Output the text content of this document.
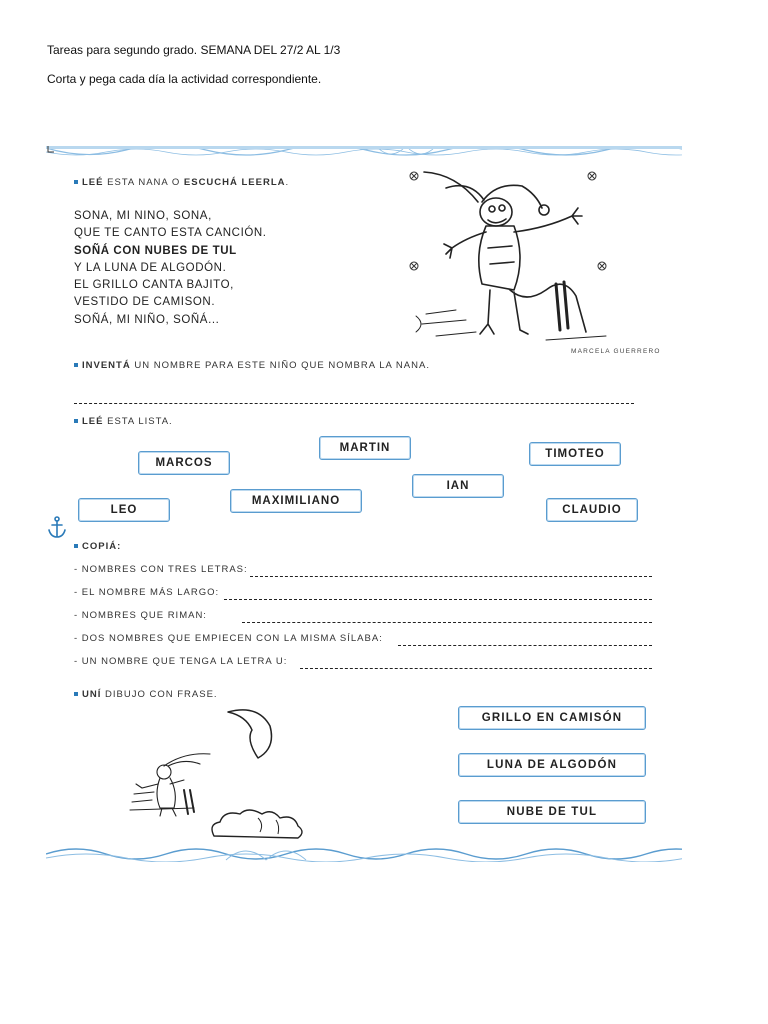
Tareas para segundo grado. SEMANA DEL 27/2 AL 1/3
Corta y pega cada día la actividad correspondiente.
LEÉ ESTA NANA O ESCUCHÁ LEERLA.
SONA, MI NINO, SONA,
QUE TE CANTO ESTA CANCIÓN.
SOÑÁ CON NUBES DE TUL
Y LA LUNA DE ALGODÓN.
EL GRILLO CANTA BAJITO,
VESTIDO DE CAMISON.
SOÑÁ, MI NIÑO, SOÑÁ...
MARCELA GUERRERO
INVENTÁ UN NOMBRE PARA ESTE NIÑO QUE NOMBRA LA NANA.
LEÉ ESTA LISTA.
MARCOS
MARTIN	TIMOTEO
IAN
LEO
MAXIMILIANO
CLAUDIO
COPIÁ:
- NOMBRES CON TRES LETRAS:
- EL NOMBRE MÁS LARGO:
- NOMBRES QUE RIMAN:
- DOS NOMBRES QUE EMPIECEN CON LA MISMA SÍLABA:
- UN NOMBRE QUE TENGA LA LETRA U:
UNÍ DIBUJO CON FRASE.
GRILLO EN CAMISÓN
LUNA DE ALGODÓN
NUBE DE TUL
